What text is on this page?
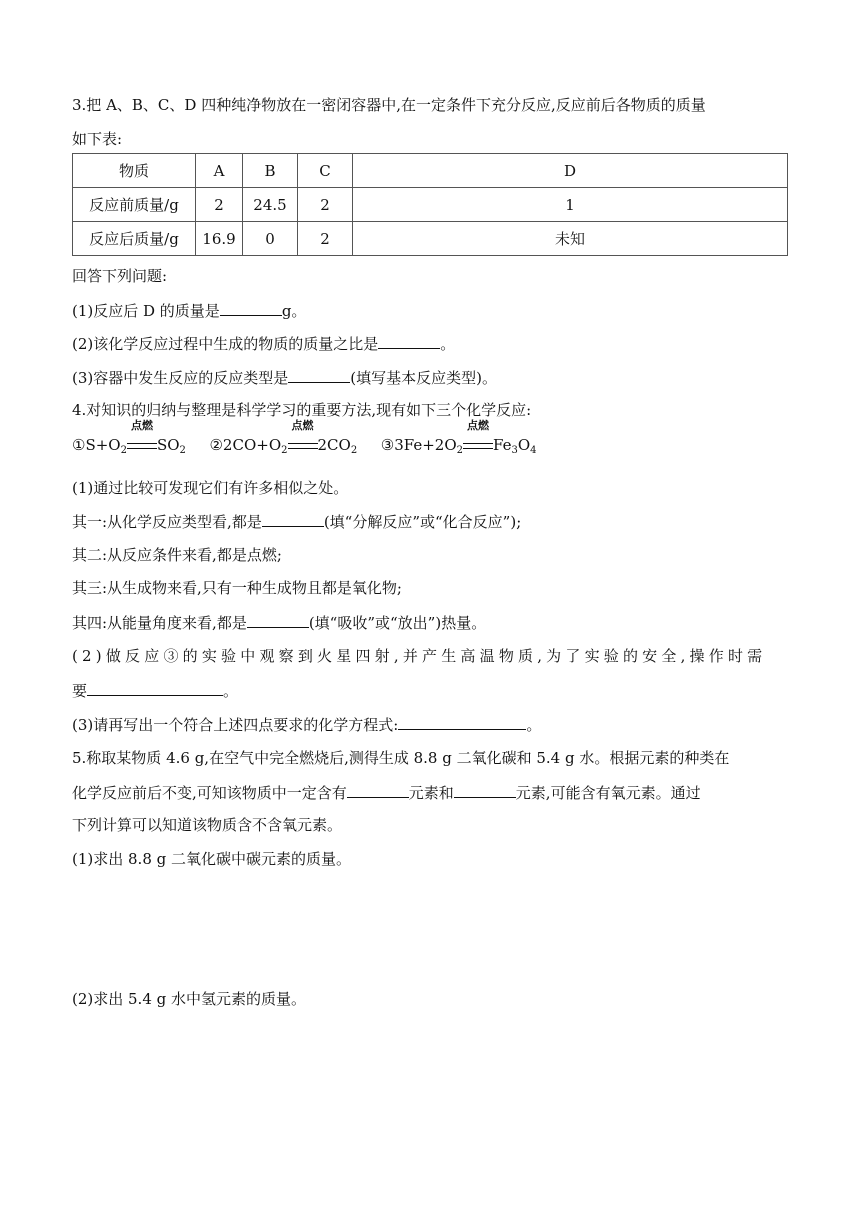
3.把 A、B、C、D 四种纯净物放在一密闭容器中,在一定条件下充分反应,反应前后各物质的质量
如下表:
物质	A	B	C	D
反应前质量/g	2	24.5	2	1
反应后质量/g	16.9	0	2	未知
回答下列问题:
(1)反应后 D 的质量是	g。
(2)该化学反应过程中生成的物质的质量之比是	。
(3)容器中发生反应的反应类型是	(填写基本反应类型)。
4.对知识的归纳与整理是科学学习的重要方法,现有如下三个化学反应:
$①S+O_2$
点燃
$SO_2$ $②2CO+O_2$
点燃
$2CO_2$ $③3Fe+2O_2$
点燃
$Fe_3O_4$
(1)通过比较可发现它们有许多相似之处。
其一:从化学反应类型看,都是	(填“分解反应”或“化合反应”);
其二:从反应条件来看,都是点燃;
其三:从生成物来看,只有一种生成物且都是氧化物;
其四:从能量角度来看,都是	(填“吸收”或“放出”)热量。
(2)做反应③的实验中观察到火星四射,并产生高温物质,为了实验的安全,操作时需
要	。
(3)请再写出一个符合上述四点要求的化学方程式:	。
5.称取某物质 4.6 g,在空气中完全燃烧后,测得生成 8.8 g 二氧化碳和 5.4 g 水。根据元素的种类在
化学反应前后不变,可知该物质中一定含有	元素和	元素,可能含有氧元素。通过
下列计算可以知道该物质含不含氧元素。
(1)求出 8.8 g 二氧化碳中碳元素的质量。
(2)求出 5.4 g 水中氢元素的质量。
